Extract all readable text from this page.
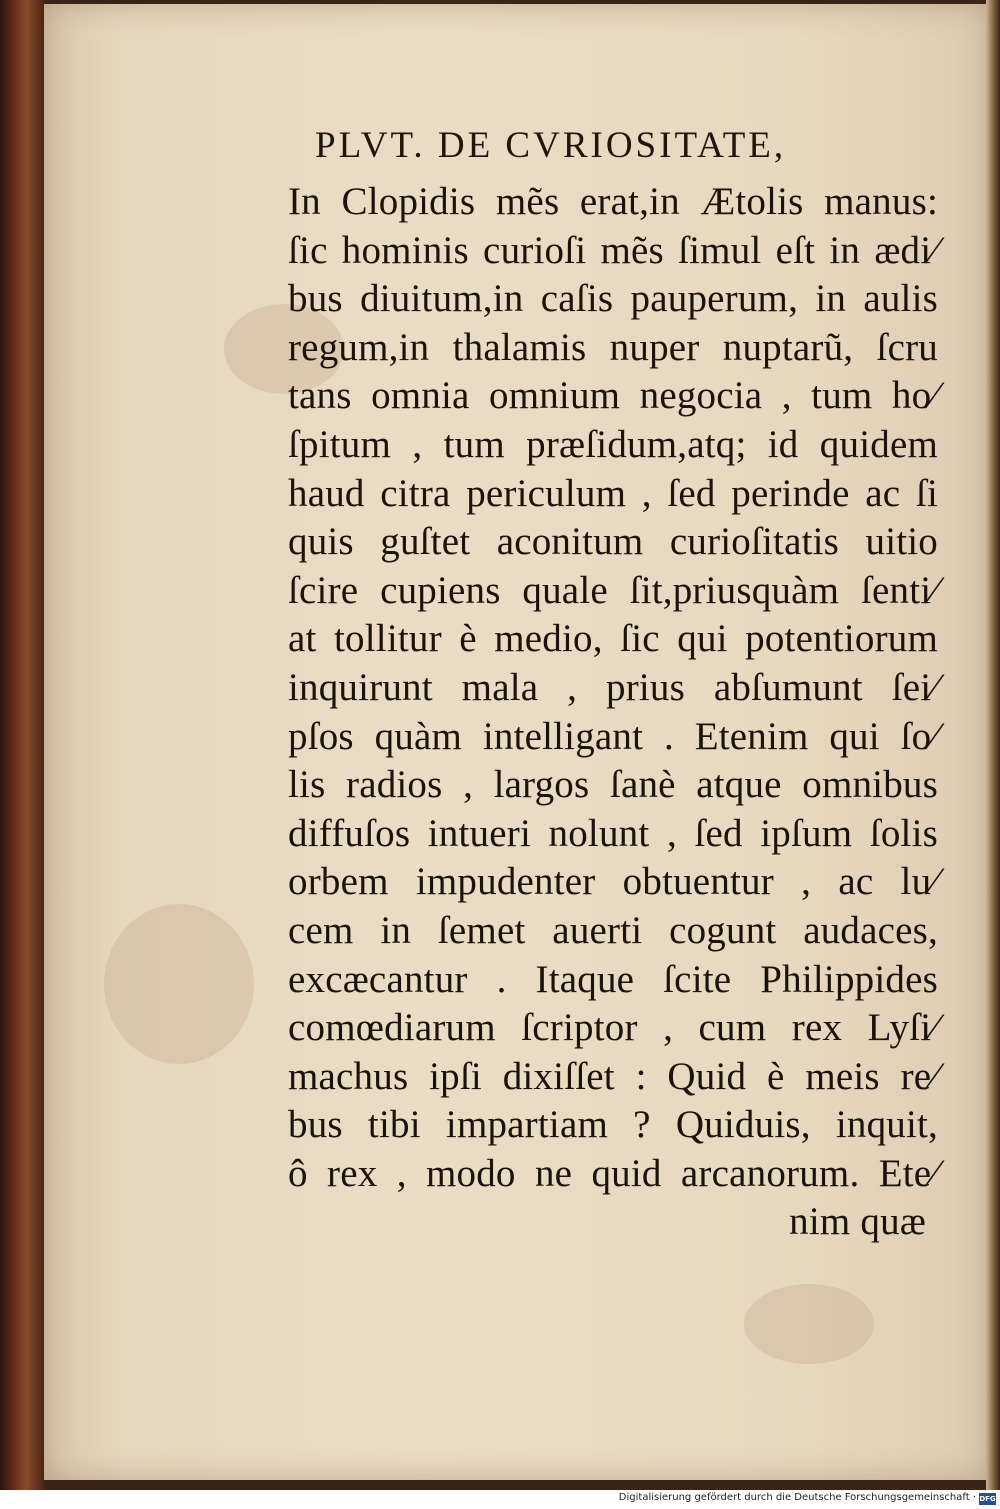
PLVT. DE CVRIOSITATE,
In Clopidis mẽs erat,in Ætolis manus:
ſic hominis curioſi mẽs ſimul eſt in ædi⁄
bus diuitum,in caſis pauperum, in aulis
regum,in thalamis nuper nuptarũ, ſcru
tans omnia omnium negocia , tum ho⁄
ſpitum , tum præſidum,atq; id quidem
haud citra periculum , ſed perinde ac ſi
quis guſtet aconitum curioſitatis uitio
ſcire cupiens quale ſit,priusquàm ſenti⁄
at tollitur è medio, ſic qui potentiorum
inquirunt mala , prius abſumunt ſei⁄
pſos quàm intelligant . Etenim qui ſo⁄
lis radios , largos ſanè atque omnibus
diffuſos intueri nolunt , ſed ipſum ſolis
orbem impudenter obtuentur , ac lu⁄
cem in ſemet auerti cogunt audaces,
excæcantur . Itaque ſcite Philippides
comœdiarum ſcriptor , cum rex Lyſi⁄
machus ipſi dixiſſet : Quid è meis re⁄
bus tibi impartiam ? Quiduis, inquit,
ô rex , modo ne quid arcanorum. Ete⁄
nim quæ
Digitalisierung gefördert durch die Deutsche Forschungsgemeinschaft · DFG
